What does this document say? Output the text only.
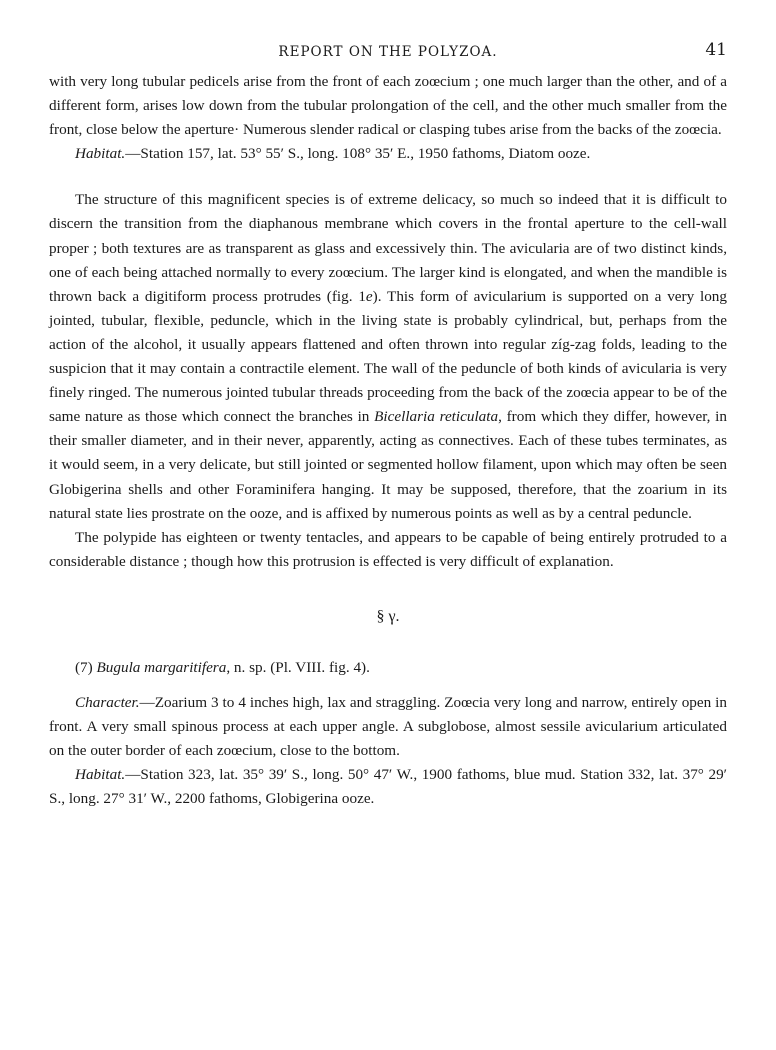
REPORT ON THE POLYZOA.	41

with very long tubular pedicels arise from the front of each zoœcium ; one much larger than the other, and of a different form, arises low down from the tubular prolongation of the cell, and the other much smaller from the front, close below the aperture· Numerous slender radical or clasping tubes arise from the backs of the zoœcia.

Habitat.—Station 157, lat. 53° 55′ S., long. 108° 35′ E., 1950 fathoms, Diatom ooze.

The structure of this magnificent species is of extreme delicacy, so much so indeed that it is difficult to discern the transition from the diaphanous membrane which covers in the frontal aperture to the cell-wall proper ; both textures are as transparent as glass and excessively thin. The avicularia are of two distinct kinds, one of each being attached normally to every zoœcium. The larger kind is elongated, and when the mandible is thrown back a digitiform process protrudes (fig. 1e). This form of avicularium is supported on a very long jointed, tubular, flexible, peduncle, which in the living state is probably cylindrical, but, perhaps from the action of the alcohol, it usually appears flattened and often thrown into regular zíg-zag folds, leading to the suspicion that it may contain a contractile element. The wall of the peduncle of both kinds of avicularia is very finely ringed. The numerous jointed tubular threads proceeding from the back of the zoœcia appear to be of the same nature as those which connect the branches in Bicellaria reticulata, from which they differ, however, in their smaller diameter, and in their never, apparently, acting as connectives. Each of these tubes terminates, as it would seem, in a very delicate, but still jointed or segmented hollow filament, upon which may often be seen Globigerina shells and other Foraminifera hanging. It may be supposed, therefore, that the zoarium in its natural state lies prostrate on the ooze, and is affixed by numerous points as well as by a central peduncle.

The polypide has eighteen or twenty tentacles, and appears to be capable of being entirely protruded to a considerable distance ; though how this protrusion is effected is very difficult of explanation.

§ γ.

(7) Bugula margaritifera, n. sp. (Pl. VIII. fig. 4).

Character.—Zoarium 3 to 4 inches high, lax and straggling. Zoœcia very long and narrow, entirely open in front. A very small spinous process at each upper angle. A subglobose, almost sessile avicularium articulated on the outer border of each zoœcium, close to the bottom.

Habitat.—Station 323, lat. 35° 39′ S., long. 50° 47′ W., 1900 fathoms, blue mud. Station 332, lat. 37° 29′ S., long. 27° 31′ W., 2200 fathoms, Globigerina ooze.
